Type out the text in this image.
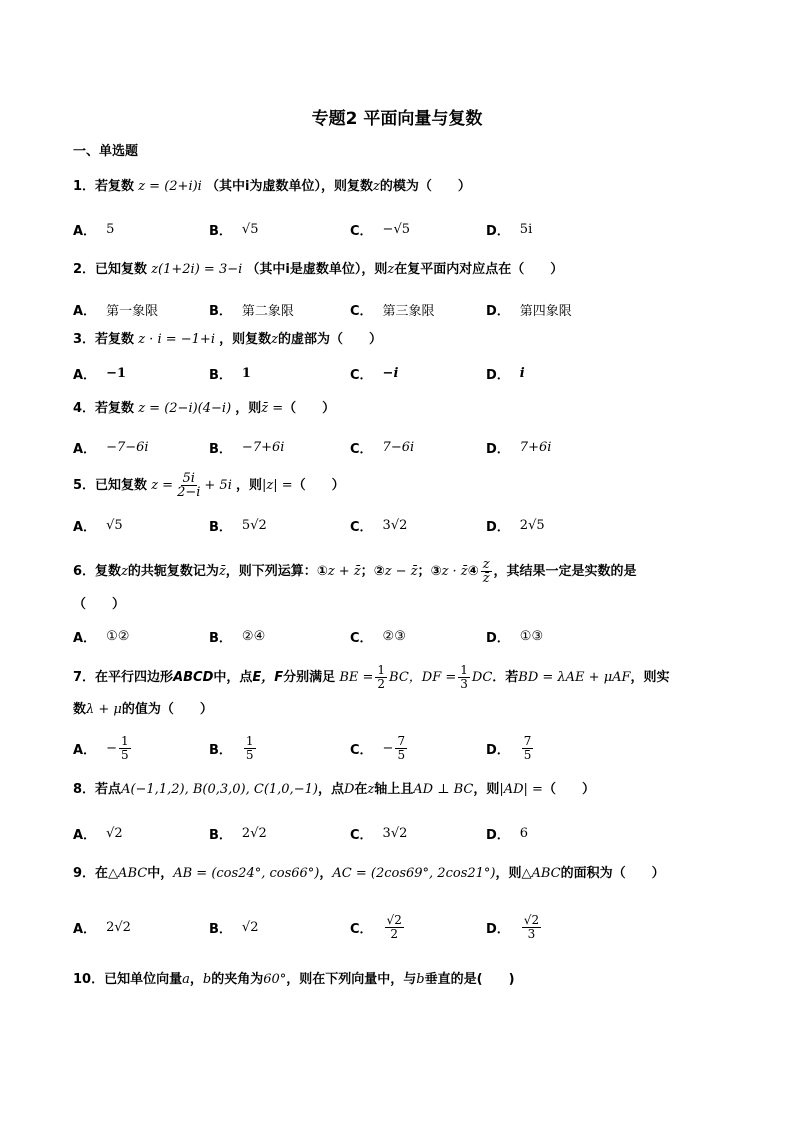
专题2 平面向量与复数
一、单选题
1．若复数 z = (2+i)i （其中i为虚数单位），则复数z的模为（　　）
A． 5	B． √5	C． −√5	D． 5i
2．已知复数 z(1+2i) = 3−i （其中i是虚数单位），则z在复平面内对应点在（　　）
A． 第一象限	B． 第二象限	C． 第三象限	D． 第四象限
3．若复数 z · i = −1+i ，则复数z的虚部为（　　）
A． −1	B． 1	C． −i	D． i
4．若复数 z = (2−i)(4−i) ，则z̄ =（　　）
A． −7−6i	B． −7+6i	C． 7−6i	D． 7+6i
5．已知复数 $z = \frac{5i}{2-i} + 5i$ ，则|z| =（　　）
A． √5	B． 5√2	C． 3√2	D． 2√5
6．复数z的共轭复数记为z̄，则下列运算：①z + z̄；②z − z̄；③z · z̄④ $\frac{z}{z̄}$ ，其结果一定是实数的是
（　　）
A． ①②	B． ②④	C． ②③	D． ①③
7．在平行四边形ABCD中，点E，F分别满足 BE = $\frac{1}{2}$ BC，DF = $\frac{1}{3}$ DC．若BD = λAE + μAF，则实
数λ + μ的值为（　　）
A． − $\frac{1}{5}$	B． $\frac{1}{5}$	C． − $\frac{7}{5}$	D． $\frac{7}{5}$
8．若点A(−1,1,2), B(0,3,0), C(1,0,−1)，点D在z轴上且AD ⊥ BC，则|AD| =（　　）
A． √2	B． 2√2	C． 3√2	D． 6
9．在△ABC中，AB = (cos24°, cos66°)，AC = (2cos69°, 2cos21°)，则△ABC的面积为（　　）
A． 2√2	B． √2	C． $\frac{√2}{2}$	D． $\frac{√2}{3}$
10．已知单位向量a，b的夹角为60°，则在下列向量中，与b垂直的是(　　)
